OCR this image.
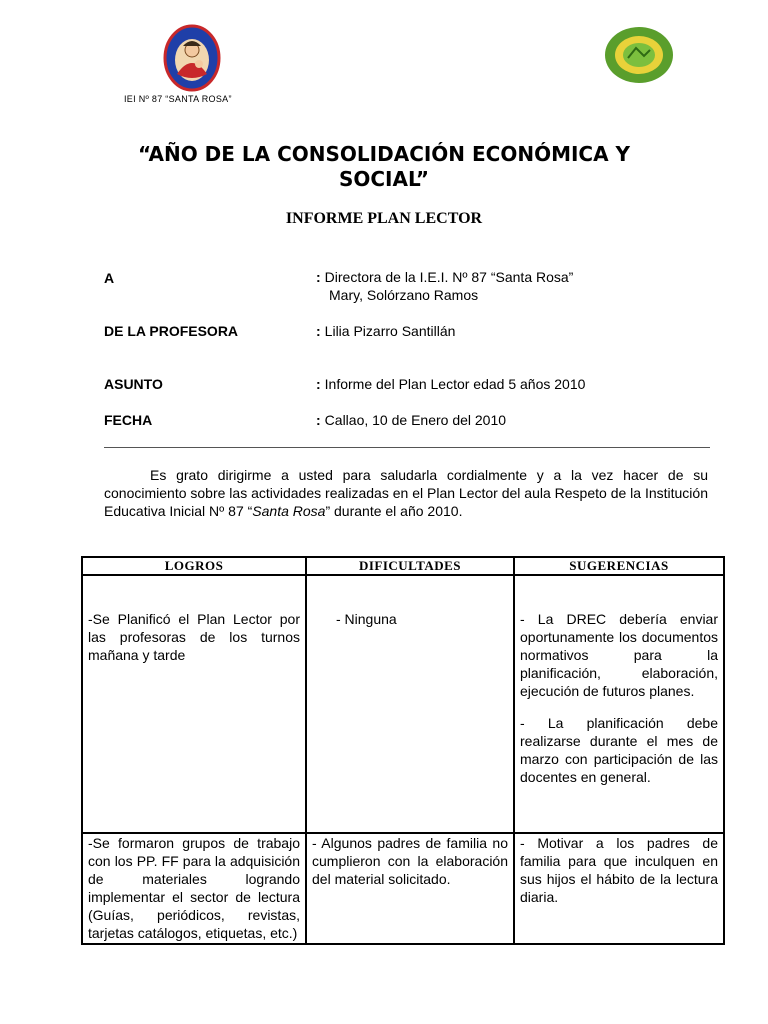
IEI Nº 87 “SANTA ROSA”
“AÑO DE LA CONSOLIDACIÓN ECONÓMICA Y SOCIAL”
INFORME PLAN LECTOR
A	: Directora de la I.E.I. Nº 87 “Santa Rosa”
Mary, Solórzano Ramos
DE LA PROFESORA	: Lilia Pizarro Santillán
ASUNTO	: Informe del Plan Lector edad 5 años 2010
FECHA	: Callao, 10 de Enero del 2010
Es grato dirigirme a usted para saludarla cordialmente y a la vez hacer de su conocimiento sobre las actividades realizadas en el Plan Lector del aula Respeto de la Institución Educativa Inicial Nº 87 “Santa Rosa” durante el año 2010.
LOGROS	DIFICULTADES	SUGERENCIAS

-Se Planificó el Plan Lector por las profesoras de los turnos mañana y tarde	- Ninguna	- La DREC debería enviar oportunamente los documentos normativos para la planificación, elaboración, ejecución de futuros planes.

- La planificación debe realizarse durante el mes de marzo con participación de las docentes en general.

-Se formaron grupos de trabajo con los PP. FF para la adquisición de materiales logrando implementar el sector de lectura (Guías, periódicos, revistas, tarjetas catálogos, etiquetas, etc.)	- Algunos padres de familia no cumplieron con la elaboración del material solicitado.	- Motivar a los padres de familia para que inculquen en sus hijos el hábito de la lectura diaria.
